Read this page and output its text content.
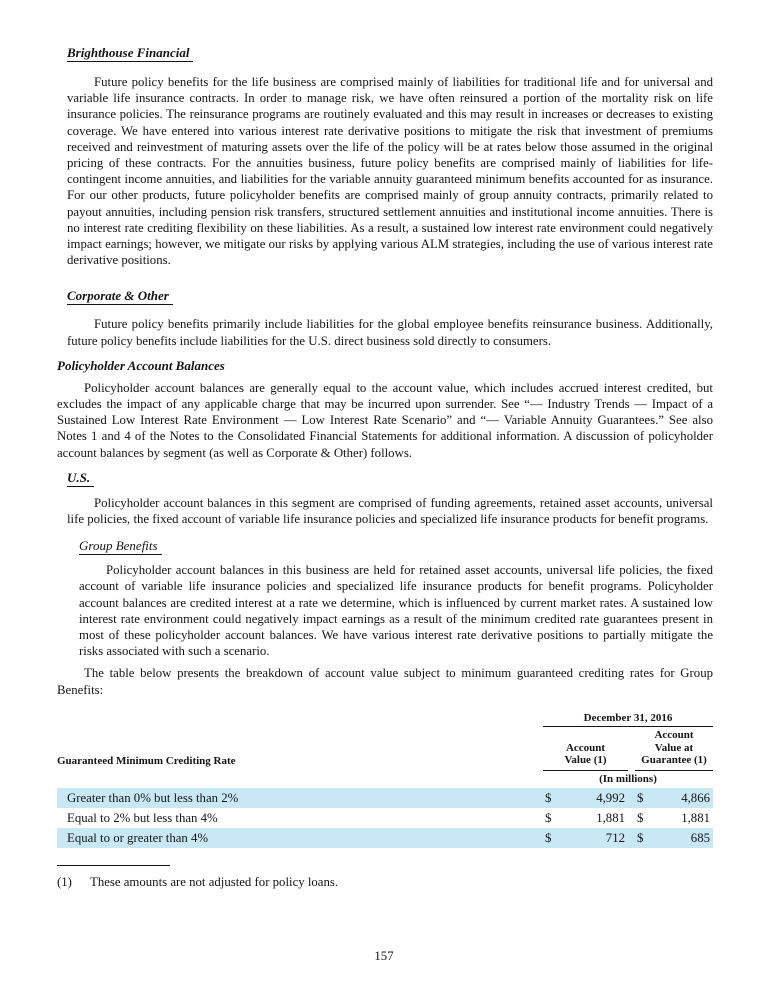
Brighthouse Financial

Future policy benefits for the life business are comprised mainly of liabilities for traditional life and for universal and variable life insurance contracts. In order to manage risk, we have often reinsured a portion of the mortality risk on life insurance policies. The reinsurance programs are routinely evaluated and this may result in increases or decreases to existing coverage. We have entered into various interest rate derivative positions to mitigate the risk that investment of premiums received and reinvestment of maturing assets over the life of the policy will be at rates below those assumed in the original pricing of these contracts. For the annuities business, future policy benefits are comprised mainly of liabilities for life-contingent income annuities, and liabilities for the variable annuity guaranteed minimum benefits accounted for as insurance. For our other products, future policyholder benefits are comprised mainly of group annuity contracts, primarily related to payout annuities, including pension risk transfers, structured settlement annuities and institutional income annuities. There is no interest rate crediting flexibility on these liabilities. As a result, a sustained low interest rate environment could negatively impact earnings; however, we mitigate our risks by applying various ALM strategies, including the use of various interest rate derivative positions.

Corporate & Other

Future policy benefits primarily include liabilities for the global employee benefits reinsurance business. Additionally, future policy benefits include liabilities for the U.S. direct business sold directly to consumers.

Policyholder Account Balances

Policyholder account balances are generally equal to the account value, which includes accrued interest credited, but excludes the impact of any applicable charge that may be incurred upon surrender. See “— Industry Trends — Impact of a Sustained Low Interest Rate Environment — Low Interest Rate Scenario” and “— Variable Annuity Guarantees.” See also Notes 1 and 4 of the Notes to the Consolidated Financial Statements for additional information. A discussion of policyholder account balances by segment (as well as Corporate & Other) follows.

U.S.

Policyholder account balances in this segment are comprised of funding agreements, retained asset accounts, universal life policies, the fixed account of variable life insurance policies and specialized life insurance products for benefit programs.

Group Benefits

Policyholder account balances in this business are held for retained asset accounts, universal life policies, the fixed account of variable life insurance policies and specialized life insurance products for benefit programs. Policyholder account balances are credited interest at a rate we determine, which is influenced by current market rates. A sustained low interest rate environment could negatively impact earnings as a result of the minimum credited rate guarantees present in most of these policyholder account balances. We have various interest rate derivative positions to partially mitigate the risks associated with such a scenario.

The table below presents the breakdown of account value subject to minimum guaranteed crediting rates for Group Benefits:

December 31, 2016
Guaranteed Minimum Crediting Rate
Account
Value (1)
Account
Value at
Guarantee (1)
(In millions)
Greater than 0% but less than 2%	$	4,992 $	4,866
Equal to 2% but less than 4%	$	1,881 $	1,881
Equal to or greater than 4%	$	712 $	685
(1)	These amounts are not adjusted for policy loans.
157
